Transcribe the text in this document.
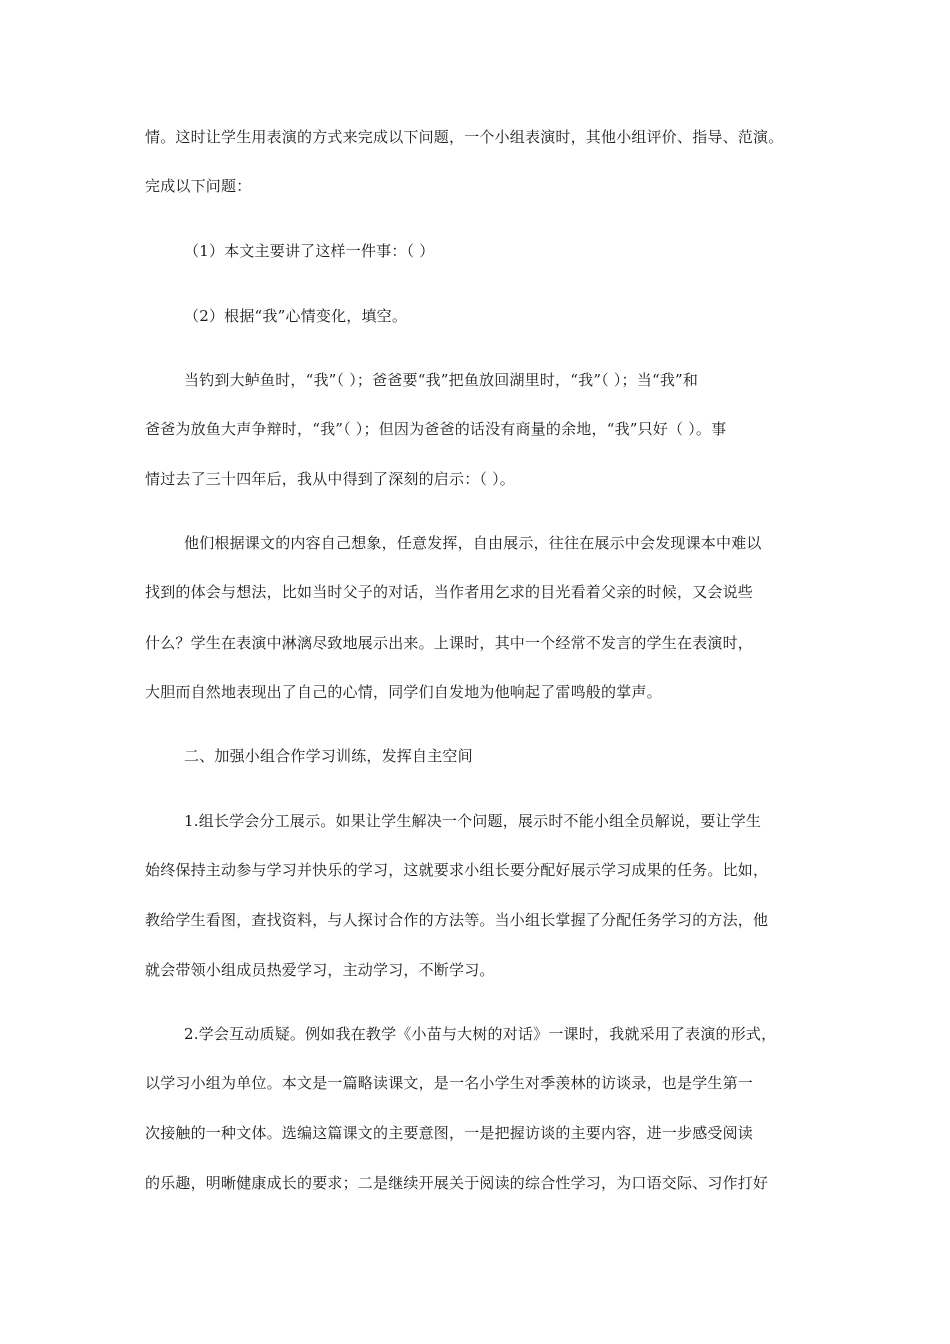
情。这时让学生用表演的方式来完成以下问题，一个小组表演时，其他小组评价、指导、范演。
完成以下问题：
（1）本文主要讲了这样一件事：（ ）
（2）根据“我”心情变化，填空。
当钓到大鲈鱼时，“我”（ ）；爸爸要“我”把鱼放回湖里时，“我”（ ）；当“我”和
爸爸为放鱼大声争辩时，“我”（ ）；但因为爸爸的话没有商量的余地，“我”只好（ ）。事
情过去了三十四年后，我从中得到了深刻的启示：（ ）。
他们根据课文的内容自己想象，任意发挥，自由展示，往往在展示中会发现课本中难以
找到的体会与想法，比如当时父子的对话，当作者用乞求的目光看着父亲的时候，又会说些
什么？学生在表演中淋漓尽致地展示出来。上课时，其中一个经常不发言的学生在表演时，
大胆而自然地表现出了自己的心情，同学们自发地为他响起了雷鸣般的掌声。
二、加强小组合作学习训练，发挥自主空间
1.组长学会分工展示。如果让学生解决一个问题，展示时不能小组全员解说，要让学生
始终保持主动参与学习并快乐的学习，这就要求小组长要分配好展示学习成果的任务。比如，
教给学生看图，查找资料，与人探讨合作的方法等。当小组长掌握了分配任务学习的方法，他
就会带领小组成员热爱学习，主动学习，不断学习。
2.学会互动质疑。例如我在教学《小苗与大树的对话》一课时，我就采用了表演的形式，
以学习小组为单位。本文是一篇略读课文，是一名小学生对季羡林的访谈录，也是学生第一
次接触的一种文体。选编这篇课文的主要意图，一是把握访谈的主要内容，进一步感受阅读
的乐趣，明晰健康成长的要求；二是继续开展关于阅读的综合性学习，为口语交际、习作打好
